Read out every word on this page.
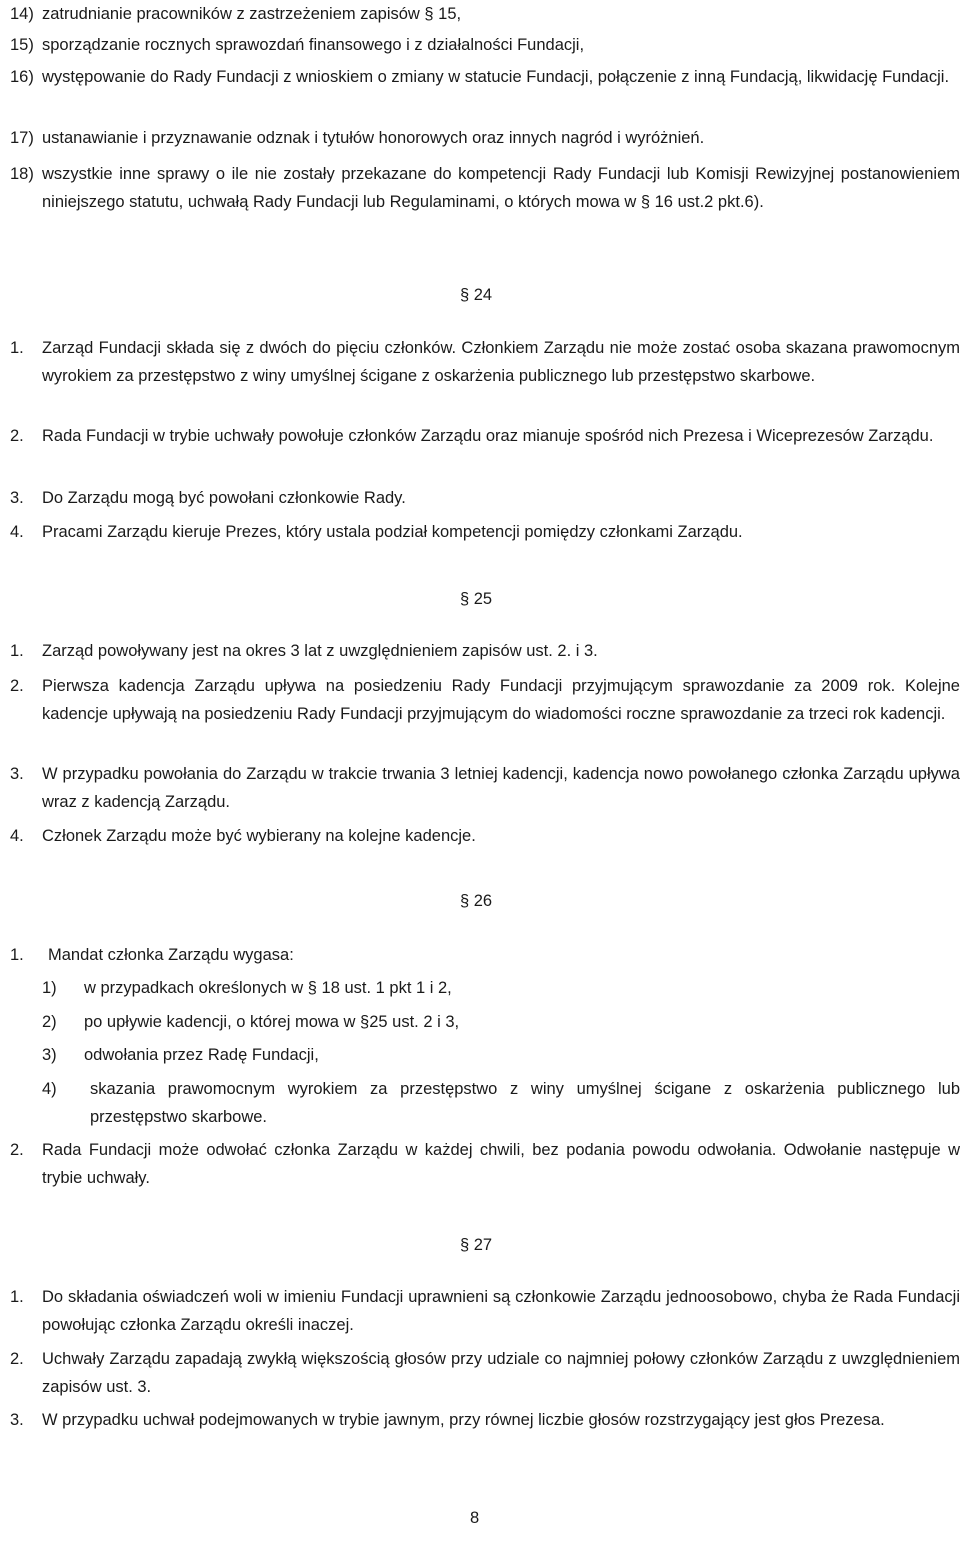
14) zatrudnianie pracowników z zastrzeżeniem zapisów § 15,
15) sporządzanie rocznych sprawozdań finansowego i z działalności Fundacji,
16) występowanie do Rady Fundacji z wnioskiem o zmiany w statucie Fundacji, połączenie z inną Fundacją, likwidację Fundacji.
17) ustanawianie i przyznawanie odznak i tytułów honorowych oraz innych nagród i wyróżnień.
18) wszystkie inne sprawy o ile nie zostały przekazane do kompetencji Rady Fundacji lub Komisji Rewizyjnej postanowieniem niniejszego statutu, uchwałą Rady Fundacji lub Regulaminami, o których mowa w § 16 ust.2 pkt.6).
§ 24
1.	Zarząd Fundacji składa się z dwóch do pięciu członków. Członkiem Zarządu nie może zostać osoba skazana prawomocnym wyrokiem za przestępstwo z winy umyślnej ścigane z oskarżenia publicznego lub przestępstwo skarbowe.
2.	Rada Fundacji w trybie uchwały powołuje członków Zarządu oraz mianuje spośród nich Prezesa i Wiceprezesów Zarządu.
3.	Do Zarządu mogą być powołani członkowie Rady.
4.	Pracami Zarządu kieruje Prezes, który ustala podział kompetencji pomiędzy członkami Zarządu.
§ 25
1.	Zarząd powoływany jest na okres 3 lat z uwzględnieniem zapisów ust. 2. i 3.
2.	Pierwsza kadencja Zarządu upływa na posiedzeniu Rady Fundacji przyjmującym sprawozdanie za 2009 rok. Kolejne kadencje upływają na posiedzeniu Rady Fundacji przyjmującym do wiadomości roczne sprawozdanie za trzeci rok kadencji.
3.	W przypadku powołania do Zarządu w trakcie trwania 3 letniej kadencji, kadencja nowo powołanego członka Zarządu upływa wraz z kadencją Zarządu.
4.	Członek Zarządu może być wybierany na kolejne kadencje.
§ 26
1.	Mandat członka Zarządu wygasa:
1)	w przypadkach określonych w § 18 ust. 1 pkt 1 i 2,
2)	po upływie kadencji, o której mowa w §25 ust. 2 i 3,
3)	odwołania przez Radę Fundacji,
4)	skazania prawomocnym wyrokiem za przestępstwo z winy umyślnej ścigane z oskarżenia publicznego lub przestępstwo skarbowe.
2.	Rada Fundacji może odwołać członka Zarządu w każdej chwili, bez podania powodu odwołania. Odwołanie następuje w trybie uchwały.
§ 27
1.	Do składania oświadczeń woli w imieniu Fundacji uprawnieni są członkowie Zarządu jednoosobowo, chyba że Rada Fundacji powołując członka Zarządu określi inaczej.
2.	Uchwały Zarządu zapadają zwykłą większością głosów przy udziale co najmniej połowy członków Zarządu z uwzględnieniem zapisów ust. 3.
3.	W przypadku uchwał podejmowanych w trybie jawnym, przy równej liczbie głosów rozstrzygający jest głos Prezesa.
8
